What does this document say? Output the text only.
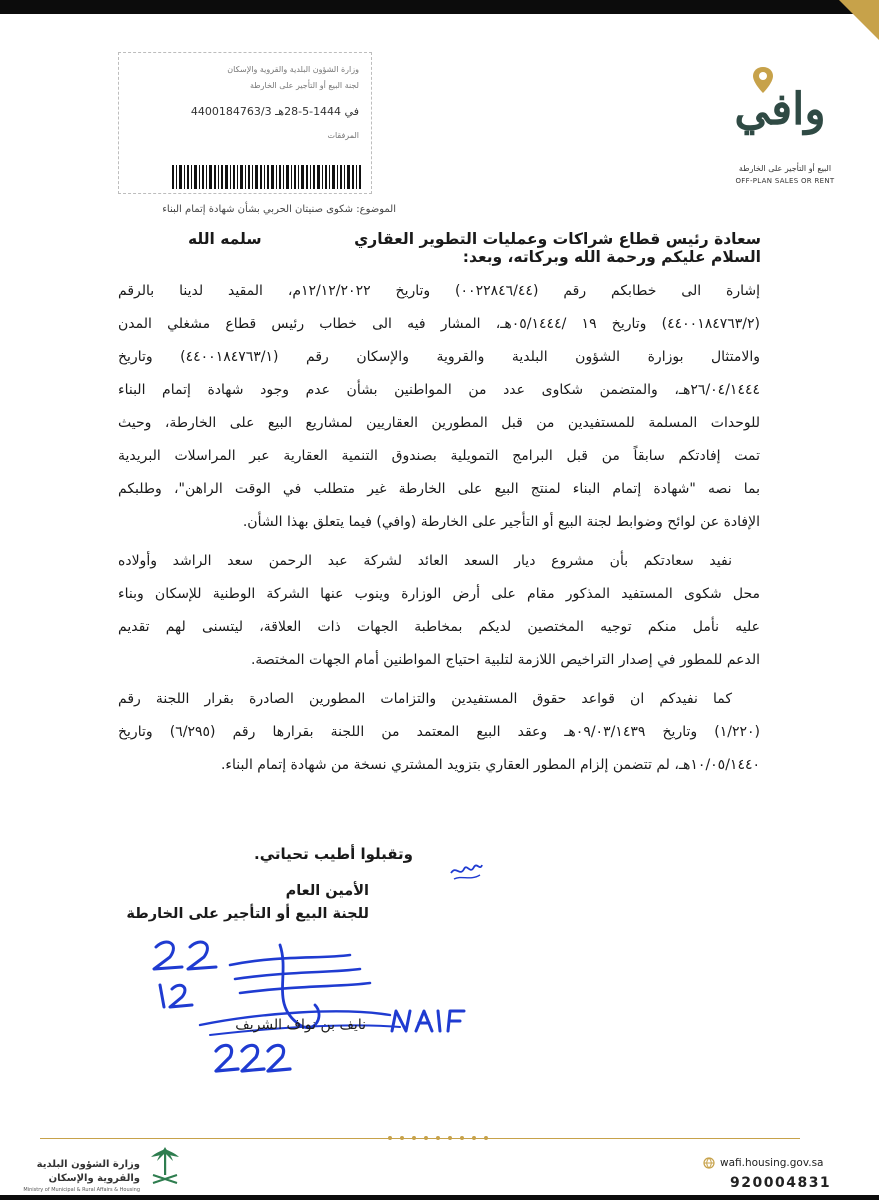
وافي
البيع أو التأجير على الخارطة
OFF-PLAN SALES OR RENT
وزارة الشؤون البلدية والقروية والإسكان
لجنة البيع أو التأجير على الخارطة
4400184763/3 في 1444-5-28هـ
المرفقات
الموضوع: شكوى صنيتان الحربي بشأن شهادة إتمام البناء
سعادة رئيس قطاع شراكات وعمليات التطوير العقاري
سلمه الله
السلام عليكم ورحمة الله وبركاته، وبعد:
إشارة الى خطابكم رقم (٠٠٢٢٨٤٦/٤٤) وتاريخ ١٢/١٢/٢٠٢٢م، المقيد لدينا بالرقم
(٤٤٠٠١٨٤٧٦٣/٢) وتاريخ ١٩ /٠٥/١٤٤٤هـ، المشار فيه الى خطاب رئيس قطاع مشغلي المدن
والامتثال بوزارة الشؤون البلدية والقروية والإسكان رقم (٤٤٠٠١٨٤٧٦٣/١) وتاريخ
٢٦/٠٤/١٤٤٤هـ، والمتضمن شكاوى عدد من المواطنين بشأن عدم وجود شهادة إتمام البناء
للوحدات المسلمة للمستفيدين من قبل المطورين العقاريين لمشاريع البيع على الخارطة، وحيث
تمت إفادتكم سابقاً من قبل البرامج التمويلية بصندوق التنمية العقارية عبر المراسلات البريدية
بما نصه "شهادة إتمام البناء لمنتج البيع على الخارطة غير متطلب في الوقت الراهن"، وطلبكم
الإفادة عن لوائح وضوابط لجنة البيع أو التأجير على الخارطة (وافي) فيما يتعلق بهذا الشأن.
نفيد سعادتكم بأن مشروع ديار السعد العائد لشركة عبد الرحمن سعد الراشد وأولاده
محل شكوى المستفيد المذكور مقام على أرض الوزارة وينوب عنها الشركة الوطنية للإسكان وبناء
عليه نأمل منكم توجيه المختصين لديكم بمخاطبة الجهات ذات العلاقة، ليتسنى لهم تقديم
الدعم للمطور في إصدار التراخيص اللازمة لتلبية احتياج المواطنين أمام الجهات المختصة.
كما نفيدكم ان قواعد حقوق المستفيدين والتزامات المطورين الصادرة بقرار اللجنة رقم
(١/٢٢٠) وتاريخ ٠٩/٠٣/١٤٣٩هـ وعقد البيع المعتمد من اللجنة بقرارها رقم (٦/٢٩٥) وتاريخ
١٠/٠٥/١٤٤٠هـ، لم تتضمن إلزام المطور العقاري بتزويد المشتري نسخة من شهادة إتمام البناء.
وتقبلوا أطيب تحياتي.
الأمين العام
للجنة البيع أو التأجير على الخارطة
نايف بن نواف الشريف
وزارة الشؤون البلدية
والقروية والإسكان
Ministry of Municipal & Rural Affairs & Housing
wafi.housing.gov.sa
920004831
